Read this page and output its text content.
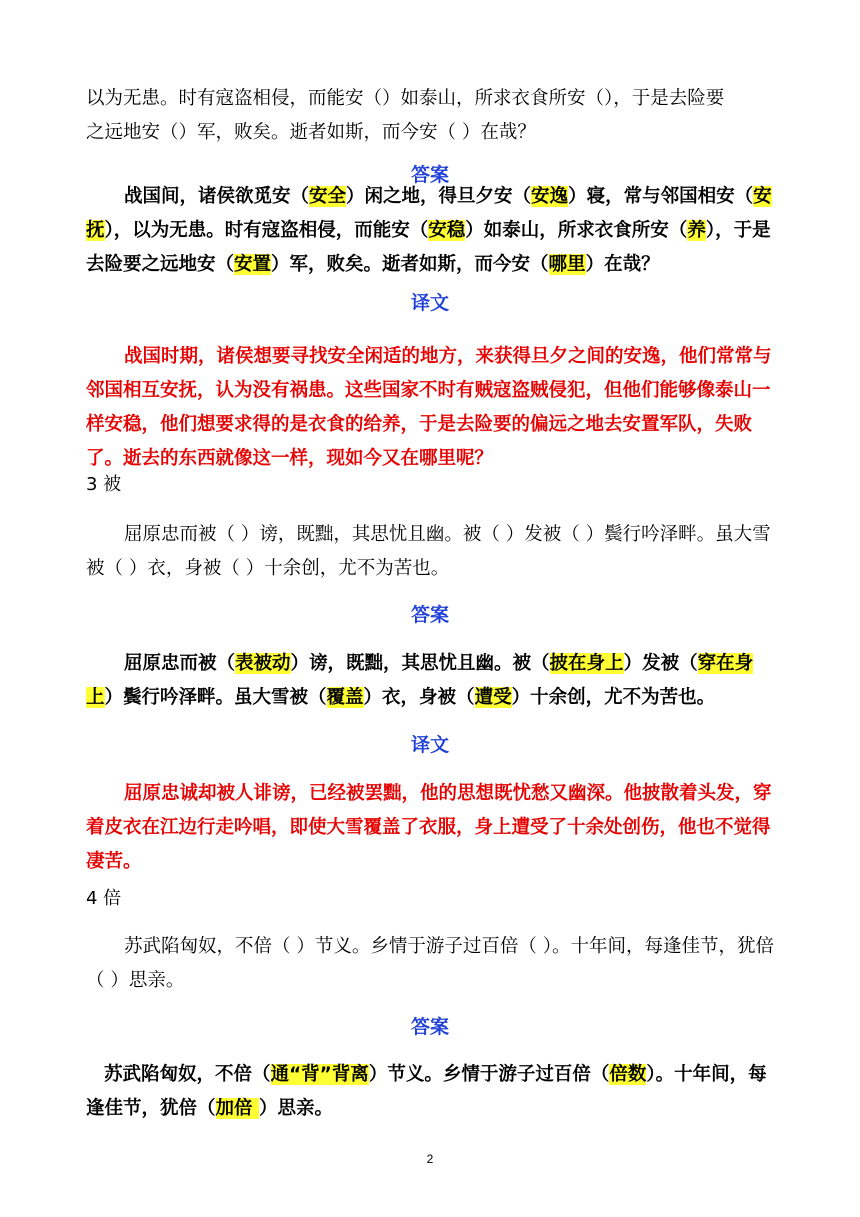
以为无患。时有寇盗相侵，而能安（）如泰山，所求衣食所安（），于是去险要
之远地安（）军，败矣。逝者如斯，而今安（ ）在哉？

答案

战国间，诸侯欲觅安（安全）闲之地，得旦夕安（安逸）寝，常与邻国相安（安抚），以为无患。时有寇盗相侵，而能安（安稳）如泰山，所求衣食所安（养），于是去险要之远地安（安置）军，败矣。逝者如斯，而今安（哪里）在哉？

译文

战国时期，诸侯想要寻找安全闲适的地方，来获得旦夕之间的安逸，他们常常与邻国相互安抚，认为没有祸患。这些国家不时有贼寇盗贼侵犯，但他们能够像泰山一样安稳，他们想要求得的是衣食的给养，于是去险要的偏远之地去安置军队，失败了。逝去的东西就像这一样，现如今又在哪里呢？

3 被

屈原忠而被（ ）谤，既黜，其思忧且幽。被（ ）发被（ ）鬓行吟泽畔。虽大雪被（ ）衣，身被（ ）十余创，尤不为苦也。

答案

屈原忠而被（表被动）谤，既黜，其思忧且幽。被（披在身上）发被（穿在身上）鬓行吟泽畔。虽大雪被（覆盖）衣，身被（遭受）十余创，尤不为苦也。

译文

屈原忠诚却被人诽谤，已经被罢黜，他的思想既忧愁又幽深。他披散着头发，穿着皮衣在江边行走吟唱，即使大雪覆盖了衣服，身上遭受了十余处创伤，他也不觉得凄苦。

4 倍

苏武陷匈奴，不倍（ ）节义。乡情于游子过百倍（ ）。十年间，每逢佳节，犹倍（ ）思亲。

答案

苏武陷匈奴，不倍（通“背”背离）节义。乡情于游子过百倍（倍数）。十年间，每逢佳节，犹倍（加倍 ）思亲。

2
